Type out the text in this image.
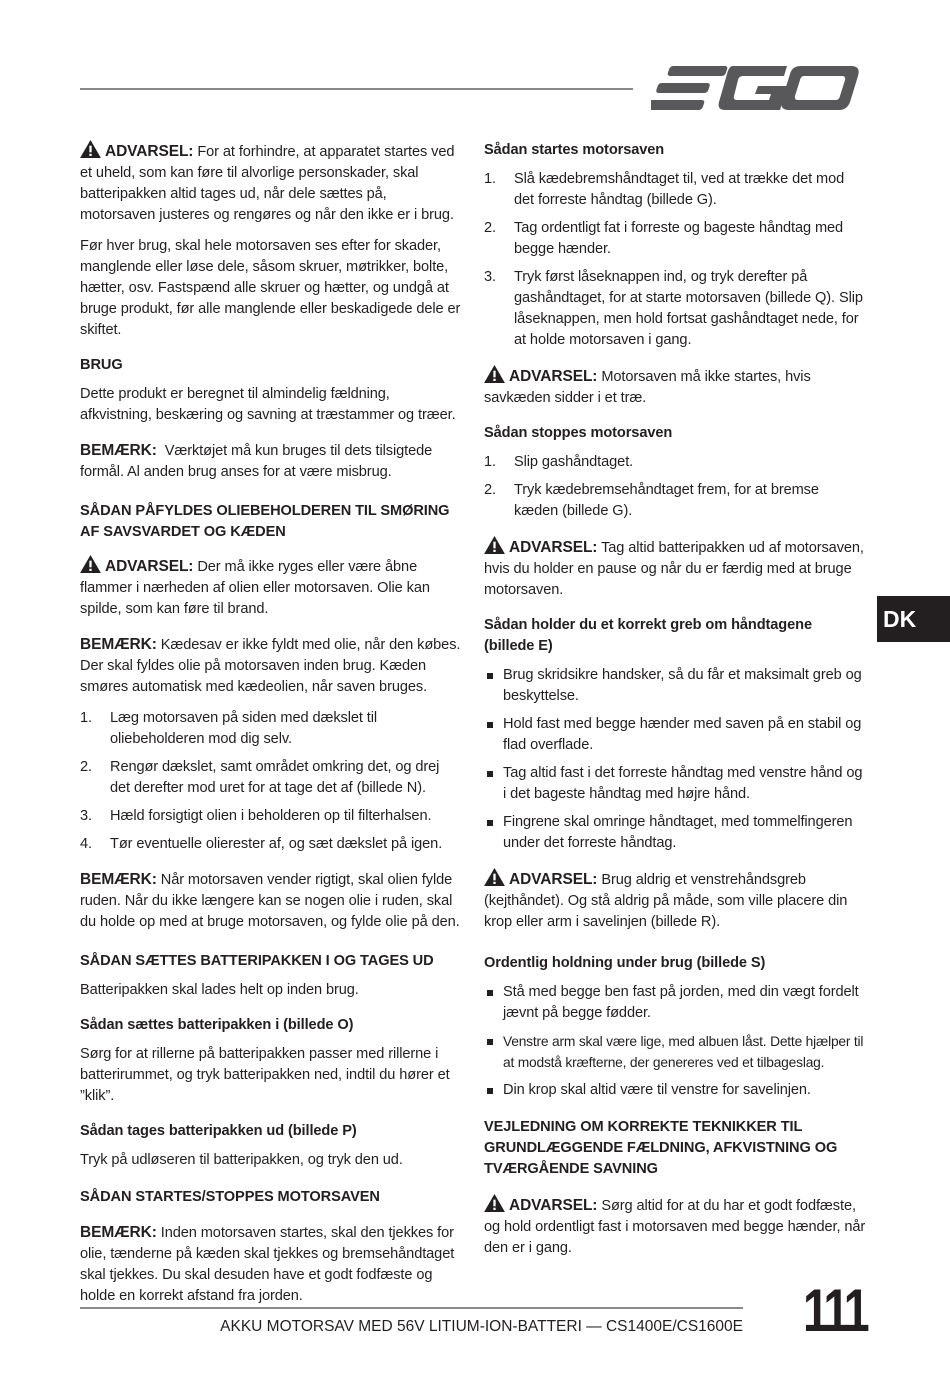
DK

ADVARSEL: For at forhindre, at apparatet startes ved et uheld, som kan føre til alvorlige personskader, skal batteripakken altid tages ud, når dele sættes på, motorsaven justeres og rengøres og når den ikke er i brug.

Før hver brug, skal hele motorsaven ses efter for skader, manglende eller løse dele, såsom skruer, møtrikker, bolte, hætter, osv. Fastspænd alle skruer og hætter, og undgå at bruge produkt, før alle manglende eller beskadigede dele er skiftet.

BRUG

Dette produkt er beregnet til almindelig fældning, afkvistning, beskæring og savning at træstammer og træer.

BEMÆRK: Værktøjet må kun bruges til dets tilsigtede formål. Al anden brug anses for at være misbrug.

SÅDAN PÅFYLDES OLIEBEHOLDEREN TIL SMØRING AF SAVSVARDET OG KÆDEN

ADVARSEL: Der må ikke ryges eller være åbne flammer i nærheden af olien eller motorsaven. Olie kan spilde, som kan føre til brand.

BEMÆRK: Kædesav er ikke fyldt med olie, når den købes. Der skal fyldes olie på motorsaven inden brug. Kæden smøres automatisk med kædeolien, når saven bruges.

1. Læg motorsaven på siden med dækslet til oliebeholderen mod dig selv.
2. Rengør dækslet, samt området omkring det, og drej det derefter mod uret for at tage det af (billede N).
3. Hæld forsigtigt olien i beholderen op til filterhalsen.
4. Tør eventuelle olierester af, og sæt dækslet på igen.

BEMÆRK: Når motorsaven vender rigtigt, skal olien fylde ruden. Når du ikke længere kan se nogen olie i ruden, skal du holde op med at bruge motorsaven, og fylde olie på den.

SÅDAN SÆTTES BATTERIPAKKEN I OG TAGES UD

Batteripakken skal lades helt op inden brug.

Sådan sættes batteripakken i (billede O)

Sørg for at rillerne på batteripakken passer med rillerne i batterirummet, og tryk batteripakken ned, indtil du hører et ”klik”.

Sådan tages batteripakken ud (billede P)

Tryk på udløseren til batteripakken, og tryk den ud.

SÅDAN STARTES/STOPPES MOTORSAVEN

BEMÆRK: Inden motorsaven startes, skal den tjekkes for olie, tænderne på kæden skal tjekkes og bremsehåndtaget skal tjekkes. Du skal desuden have et godt fodfæste og holde en korrekt afstand fra jorden.

Sådan startes motorsaven
1. Slå kædebremshåndtaget til, ved at trække det mod det forreste håndtag (billede G).
2. Tag ordentligt fat i forreste og bageste håndtag med begge hænder.
3. Tryk først låseknappen ind, og tryk derefter på gashåndtaget, for at starte motorsaven (billede Q). Slip låseknappen, men hold fortsat gashåndtaget nede, for at holde motorsaven i gang.

ADVARSEL: Motorsaven må ikke startes, hvis savkæden sidder i et træ.

Sådan stoppes motorsaven
1. Slip gashåndtaget.
2. Tryk kædebremsehåndtaget frem, for at bremse kæden (billede G).

ADVARSEL: Tag altid batteripakken ud af motorsaven, hvis du holder en pause og når du er færdig med at bruge motorsaven.

Sådan holder du et korrekt greb om håndtagene (billede E)
Brug skridsikre handsker, så du får et maksimalt greb og beskyttelse.
Hold fast med begge hænder med saven på en stabil og flad overflade.
Tag altid fast i det forreste håndtag med venstre hånd og i det bageste håndtag med højre hånd.
Fingrene skal omringe håndtaget, med tommelfingeren under det forreste håndtag.

ADVARSEL: Brug aldrig et venstrehåndsgreb (kejthåndet). Og stå aldrig på måde, som ville placere din krop eller arm i savelinjen (billede R).

Ordentlig holdning under brug (billede S)
Stå med begge ben fast på jorden, med din vægt fordelt jævnt på begge fødder.
Venstre arm skal være lige, med albuen låst. Dette hjælper til at modstå kræfterne, der genereres ved et tilbageslag.
Din krop skal altid være til venstre for savelinjen.
VEJLEDNING OM KORREKTE TEKNIKKER TIL GRUNDLÆGGENDE FÆLDNING, AFKVISTNING OG TVÆRGÅENDE SAVNING

ADVARSEL: Sørg altid for at du har et godt fodfæste, og hold ordentligt fast i motorsaven med begge hænder, når den er i gang.

AKKU MOTORSAV MED 56V LITIUM-ION-BATTERI — CS1400E/CS1600E 111
